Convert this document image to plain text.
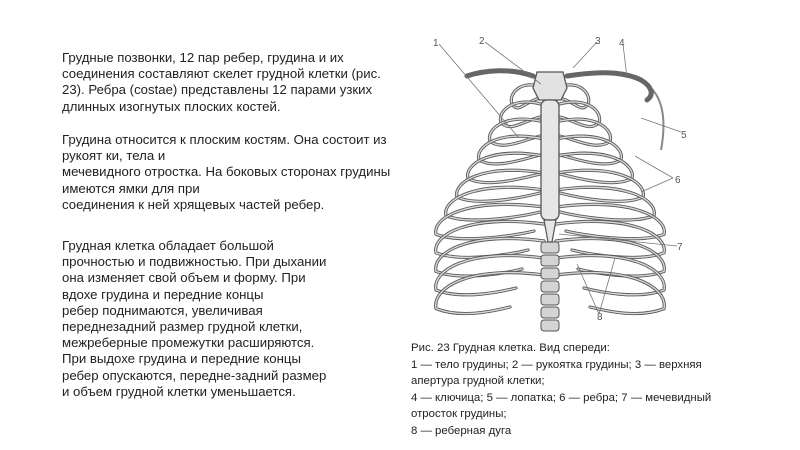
Грудные позвонки, 12 пар ребер, грудина и их
соединения составляют скелет грудной клетки (рис.
23). Ребра (costae) представлены 12 парами узких
длинных изогнутых плоских костей.
Грудина относится к плоским костям. Она состоит из
рукоят ки, тела и
мечевидного отростка. На боковых сторонах грудины
имеются ямки для при
соединения к ней хрящевых частей ребер.
Грудная клетка обладает большой
прочностью и подвижностью. При дыхании
она изменяет свой объем и форму. При
вдохе грудина и передние концы
ребер поднимаются, увеличивая
переднезадний размер грудной клетки,
межреберные промежутки расширяются.
При выдохе грудина и передние концы
ребер опускаются, передне-задний размер
и объем грудной клетки уменьшается.
1	2	3 4
5
6
7
8
Рис. 23 Грудная клетка. Вид спереди:
1 — тело грудины; 2 — рукоятка грудины; 3 — верхняя
апертура грудной клетки;
4 — ключица; 5 — лопатка; 6 — ребра; 7 — мечевидный
отросток грудины;
8 — реберная дуга
